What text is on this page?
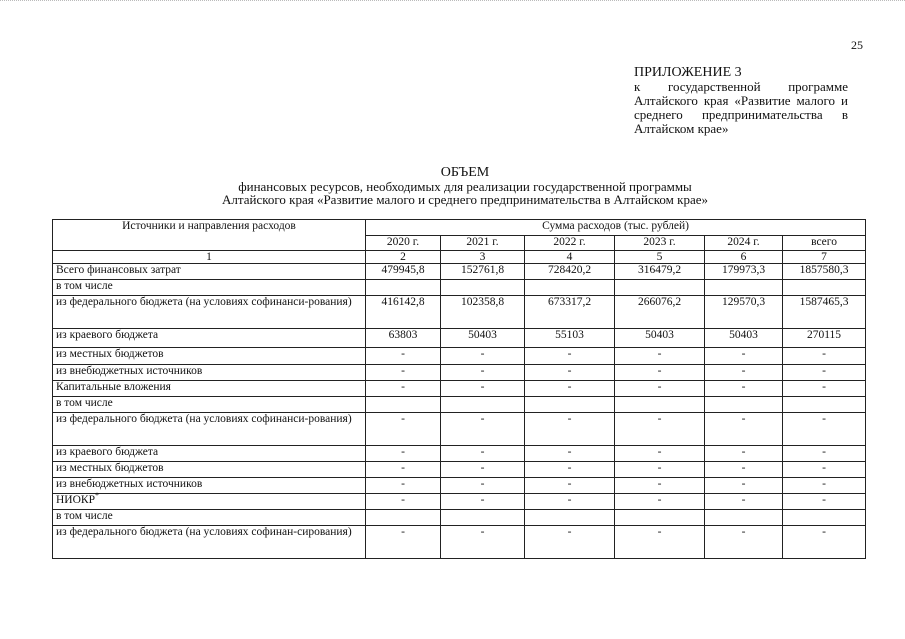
25
ПРИЛОЖЕНИЕ 3
к государственной программе Алтайского края «Развитие малого и среднего предпринимательства в Алтайском крае»
ОБЪЕМ
финансовых ресурсов, необходимых для реализации государственной программы
Алтайского края «Развитие малого и среднего предпринимательства в Алтайском крае»
Источники и направления расходов	Сумма расходов (тыс. рублей)					
	2020 г.	2021 г.	2022 г.	2023 г.	2024 г.	всего
1	2	3	4	5	6	7
Всего финансовых затрат	479945,8	152761,8	728420,2	316479,2	179973,3	1857580,3
в том числе						
из федерального бюджета (на условиях софинанси-рования)	416142,8	102358,8	673317,2	266076,2	129570,3	1587465,3
из краевого бюджета	63803	50403	55103	50403	50403	270115
из местных бюджетов	-	-	-	-	-	-
из внебюджетных источников	-	-	-	-	-	-
Капитальные вложения	-	-	-	-	-	-
в том числе						
из федерального бюджета (на условиях софинанси-рования)	-	-	-	-	-	-
из краевого бюджета	-	-	-	-	-	-
из местных бюджетов	-	-	-	-	-	-
из внебюджетных источников	-	-	-	-	-	-
НИОКР*	-	-	-	-	-	-
в том числе						
из федерального бюджета (на условиях софинан-сирования)	-	-	-	-	-	-
